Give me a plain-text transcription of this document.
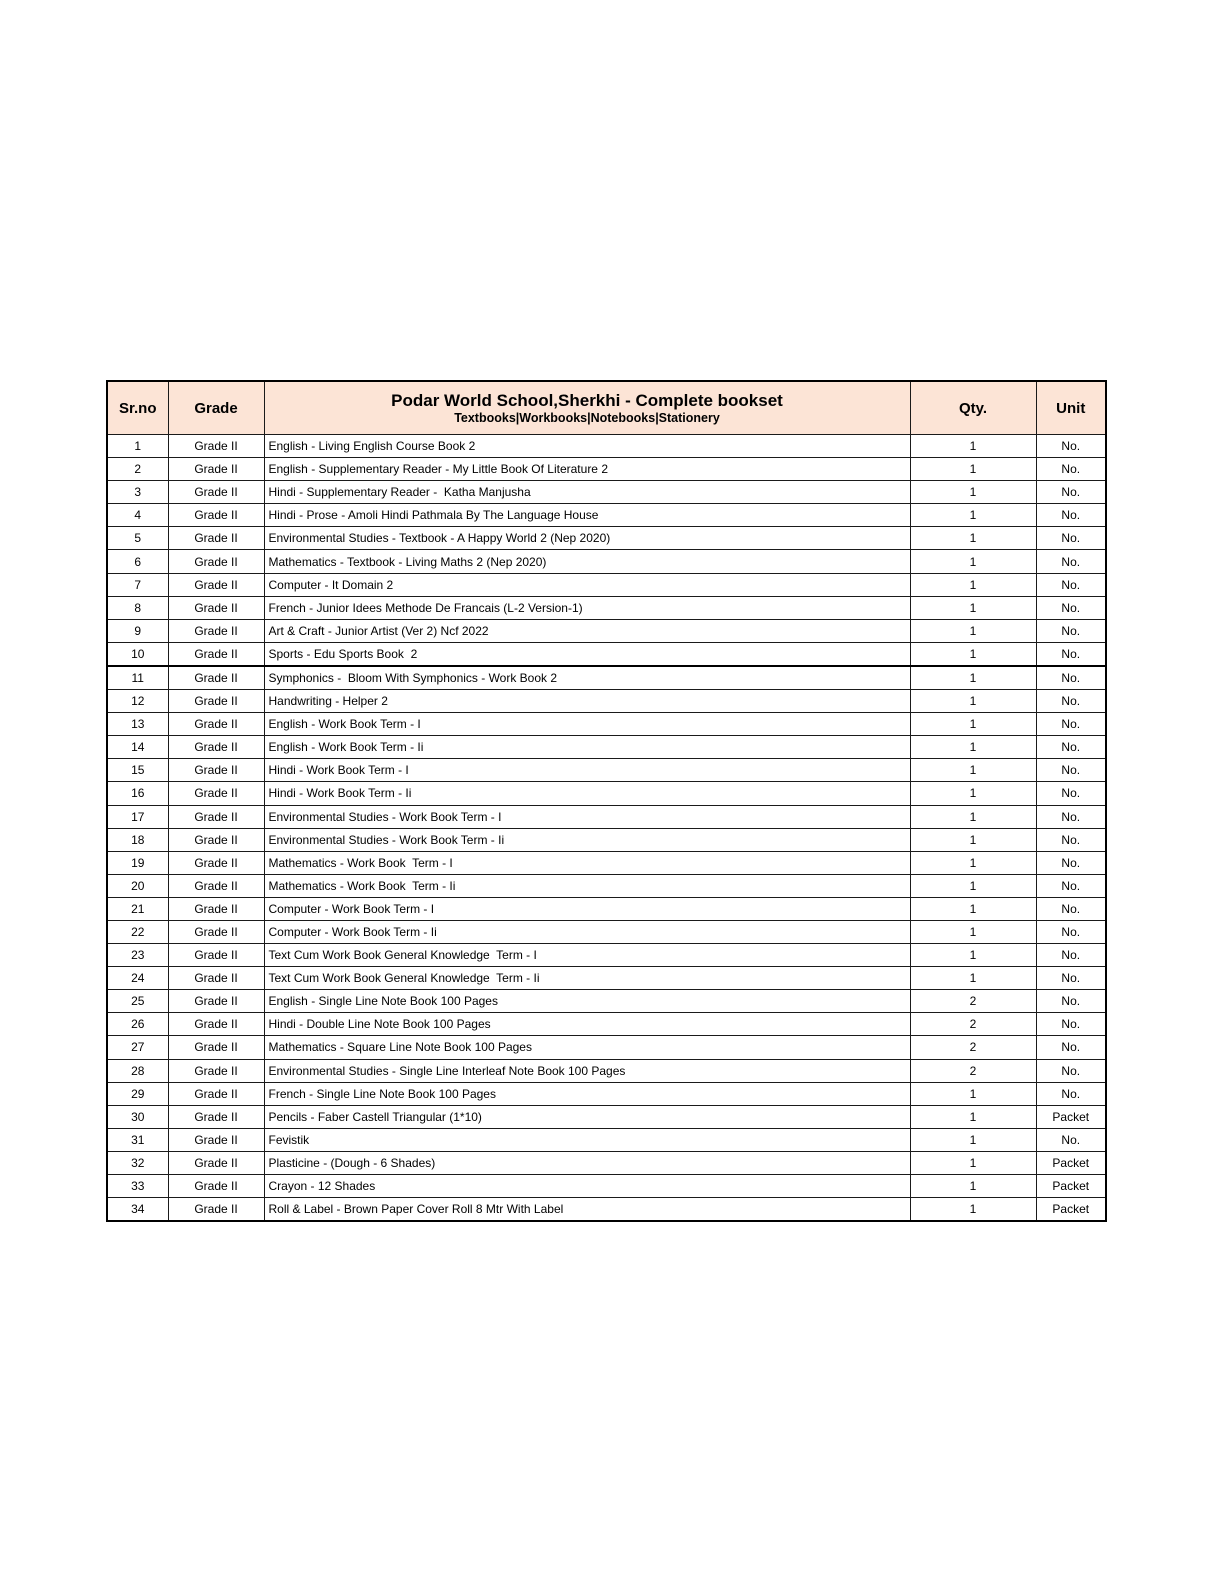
Sr.no	Grade	Podar World School,Sherkhi - Complete bookset
Textbooks|Workbooks|Notebooks|Stationery	Qty.	Unit
1	Grade II	English - Living English Course Book 2	1	No.
2	Grade II	English - Supplementary Reader - My Little Book Of Literature 2	1	No.
3	Grade II	Hindi - Supplementary Reader -  Katha Manjusha	1	No.
4	Grade II	Hindi - Prose - Amoli Hindi Pathmala By The Language House	1	No.
5	Grade II	Environmental Studies - Textbook - A Happy World 2 (Nep 2020)	1	No.
6	Grade II	Mathematics - Textbook - Living Maths 2 (Nep 2020)	1	No.
7	Grade II	Computer - It Domain 2	1	No.
8	Grade II	French - Junior Idees Methode De Francais (L-2 Version-1)	1	No.
9	Grade II	Art & Craft - Junior Artist (Ver 2) Ncf 2022	1	No.
10	Grade II	Sports - Edu Sports Book  2	1	No.
11	Grade II	Symphonics -  Bloom With Symphonics - Work Book 2	1	No.
12	Grade II	Handwriting - Helper 2	1	No.
13	Grade II	English - Work Book Term - I	1	No.
14	Grade II	English - Work Book Term - Ii	1	No.
15	Grade II	Hindi - Work Book Term - I	1	No.
16	Grade II	Hindi - Work Book Term - Ii	1	No.
17	Grade II	Environmental Studies - Work Book Term - I	1	No.
18	Grade II	Environmental Studies - Work Book Term - Ii	1	No.
19	Grade II	Mathematics - Work Book  Term - I	1	No.
20	Grade II	Mathematics - Work Book  Term - Ii	1	No.
21	Grade II	Computer - Work Book Term - I	1	No.
22	Grade II	Computer - Work Book Term - Ii	1	No.
23	Grade II	Text Cum Work Book General Knowledge  Term - I	1	No.
24	Grade II	Text Cum Work Book General Knowledge  Term - Ii	1	No.
25	Grade II	English - Single Line Note Book 100 Pages	2	No.
26	Grade II	Hindi - Double Line Note Book 100 Pages	2	No.
27	Grade II	Mathematics - Square Line Note Book 100 Pages	2	No.
28	Grade II	Environmental Studies - Single Line Interleaf Note Book 100 Pages	2	No.
29	Grade II	French - Single Line Note Book 100 Pages	1	No.
30	Grade II	Pencils - Faber Castell Triangular (1*10)	1	Packet
31	Grade II	Fevistik	1	No.
32	Grade II	Plasticine - (Dough - 6 Shades)	1	Packet
33	Grade II	Crayon - 12 Shades	1	Packet
34	Grade II	Roll & Label - Brown Paper Cover Roll 8 Mtr With Label	1	Packet
